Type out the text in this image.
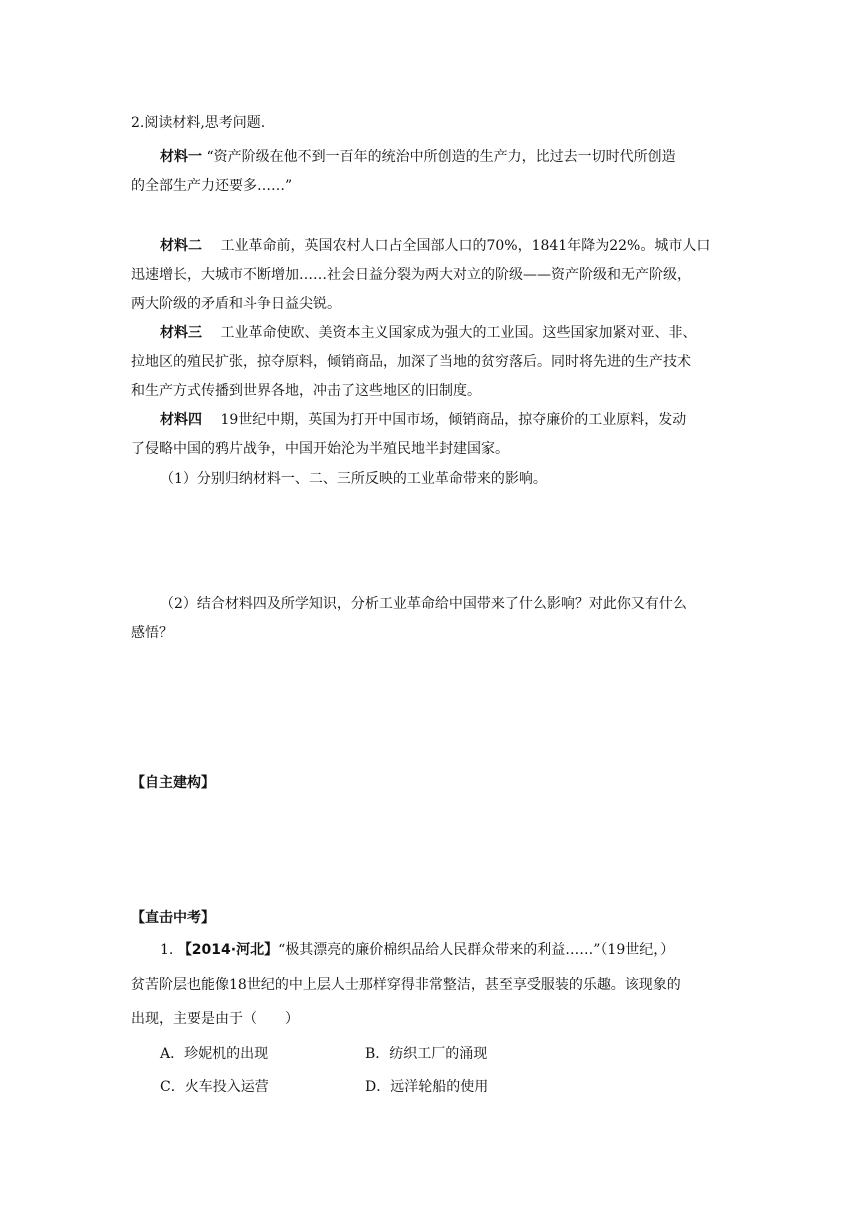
2.阅读材料,思考问题.
材料一 “资产阶级在他不到一百年的统治中所创造的生产力，比过去一切时代所创造
的全部生产力还要多……”
材料二 工业革命前，英国农村人口占全国部人口的70%，1841年降为22%。城市人口
迅速增长，大城市不断增加……社会日益分裂为两大对立的阶级——资产阶级和无产阶级，
两大阶级的矛盾和斗争日益尖锐。
材料三 工业革命使欧、美资本主义国家成为强大的工业国。这些国家加紧对亚、非、
拉地区的殖民扩张，掠夺原料，倾销商品，加深了当地的贫穷落后。同时将先进的生产技术
和生产方式传播到世界各地，冲击了这些地区的旧制度。
材料四 19世纪中期，英国为打开中国市场，倾销商品，掠夺廉价的工业原料，发动
了侵略中国的鸦片战争，中国开始沦为半殖民地半封建国家。
（1）分别归纳材料一、二、三所反映的工业革命带来的影响。
（2）结合材料四及所学知识，分析工业革命给中国带来了什么影响？对此你又有什么
感悟？
【自主建构】
【直击中考】
1. 【2014·河北】“极其漂亮的廉价棉织品给人民群众带来的利益……”（19世纪，）
贫苦阶层也能像18世纪的中上层人士那样穿得非常整洁，甚至享受服装的乐趣。该现象的
出现，主要是由于（　　）
A．珍妮机的出现	B．纺织工厂的涌现
C．火车投入运营	D．远洋轮船的使用
